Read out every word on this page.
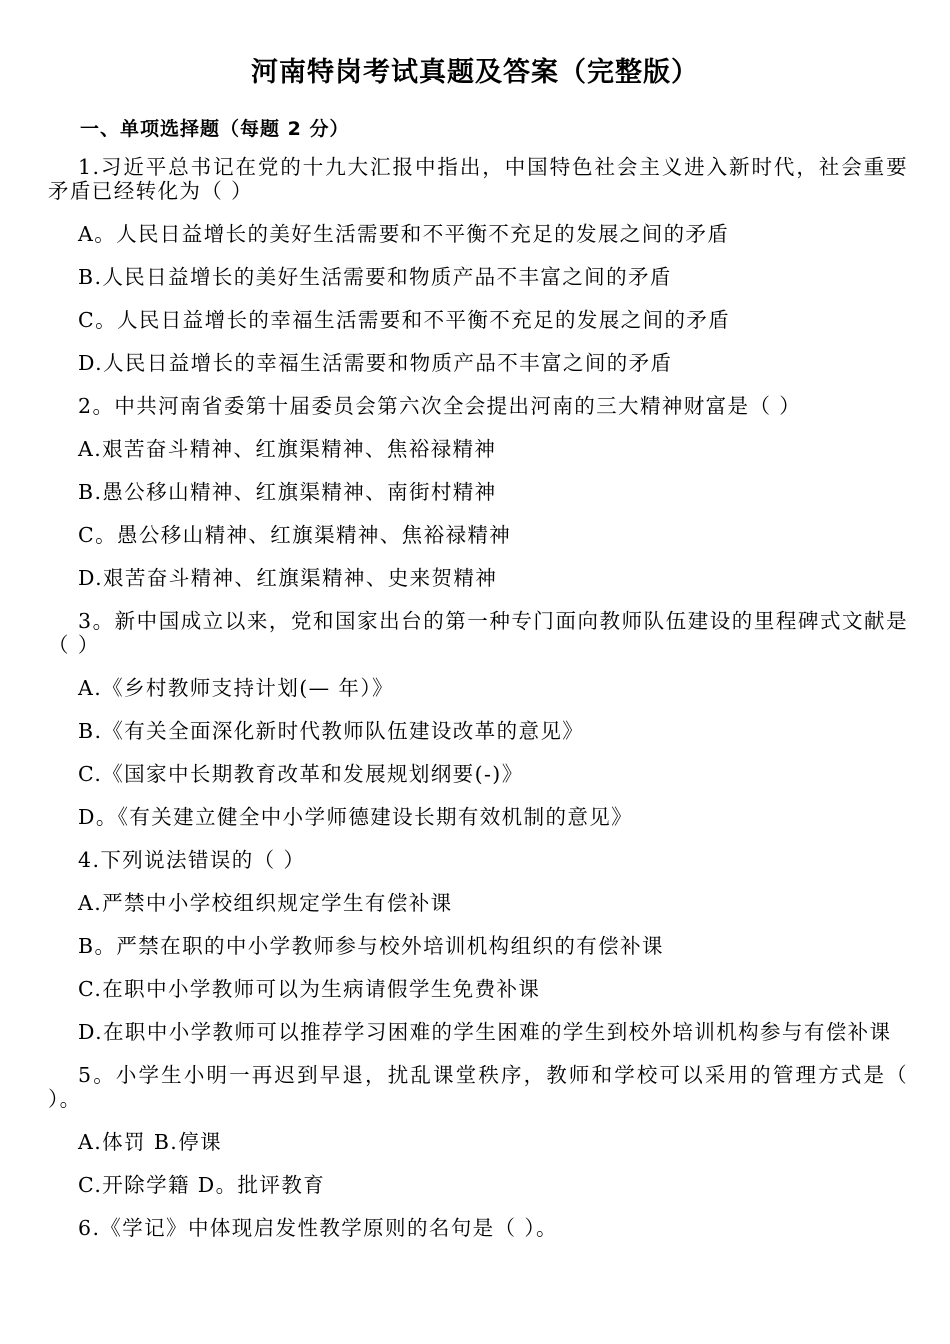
河南特岗考试真题及答案（完整版）
一、单项选择题（每题 2 分）

1.习近平总书记在党的十九大汇报中指出，中国特色社会主义进入新时代，社会重要矛盾已经转化为（ ）

A。人民日益增长的美好生活需要和不平衡不充足的发展之间的矛盾

B.人民日益增长的美好生活需要和物质产品不丰富之间的矛盾

C。人民日益增长的幸福生活需要和不平衡不充足的发展之间的矛盾

D.人民日益增长的幸福生活需要和物质产品不丰富之间的矛盾

2。中共河南省委第十届委员会第六次全会提出河南的三大精神财富是（ ）

A.艰苦奋斗精神、红旗渠精神、焦裕禄精神

B.愚公移山精神、红旗渠精神、南街村精神

C。愚公移山精神、红旗渠精神、焦裕禄精神

D.艰苦奋斗精神、红旗渠精神、史来贺精神

3。新中国成立以来，党和国家出台的第一种专门面向教师队伍建设的里程碑式文献是（ ）

A.《乡村教师支持计划(— 年）》

B.《有关全面深化新时代教师队伍建设改革的意见》

C.《国家中长期教育改革和发展规划纲要(-)》

D。《有关建立健全中小学师德建设长期有效机制的意见》

4.下列说法错误的（ ）

A.严禁中小学校组织规定学生有偿补课

B。严禁在职的中小学教师参与校外培训机构组织的有偿补课

C.在职中小学教师可以为生病请假学生免费补课

D.在职中小学教师可以推荐学习困难的学生困难的学生到校外培训机构参与有偿补课

5。小学生小明一再迟到早退，扰乱课堂秩序，教师和学校可以采用的管理方式是（ ）。

A.体罚 B.停课

C.开除学籍 D。批评教育

6.《学记》中体现启发性教学原则的名句是（ ）。
